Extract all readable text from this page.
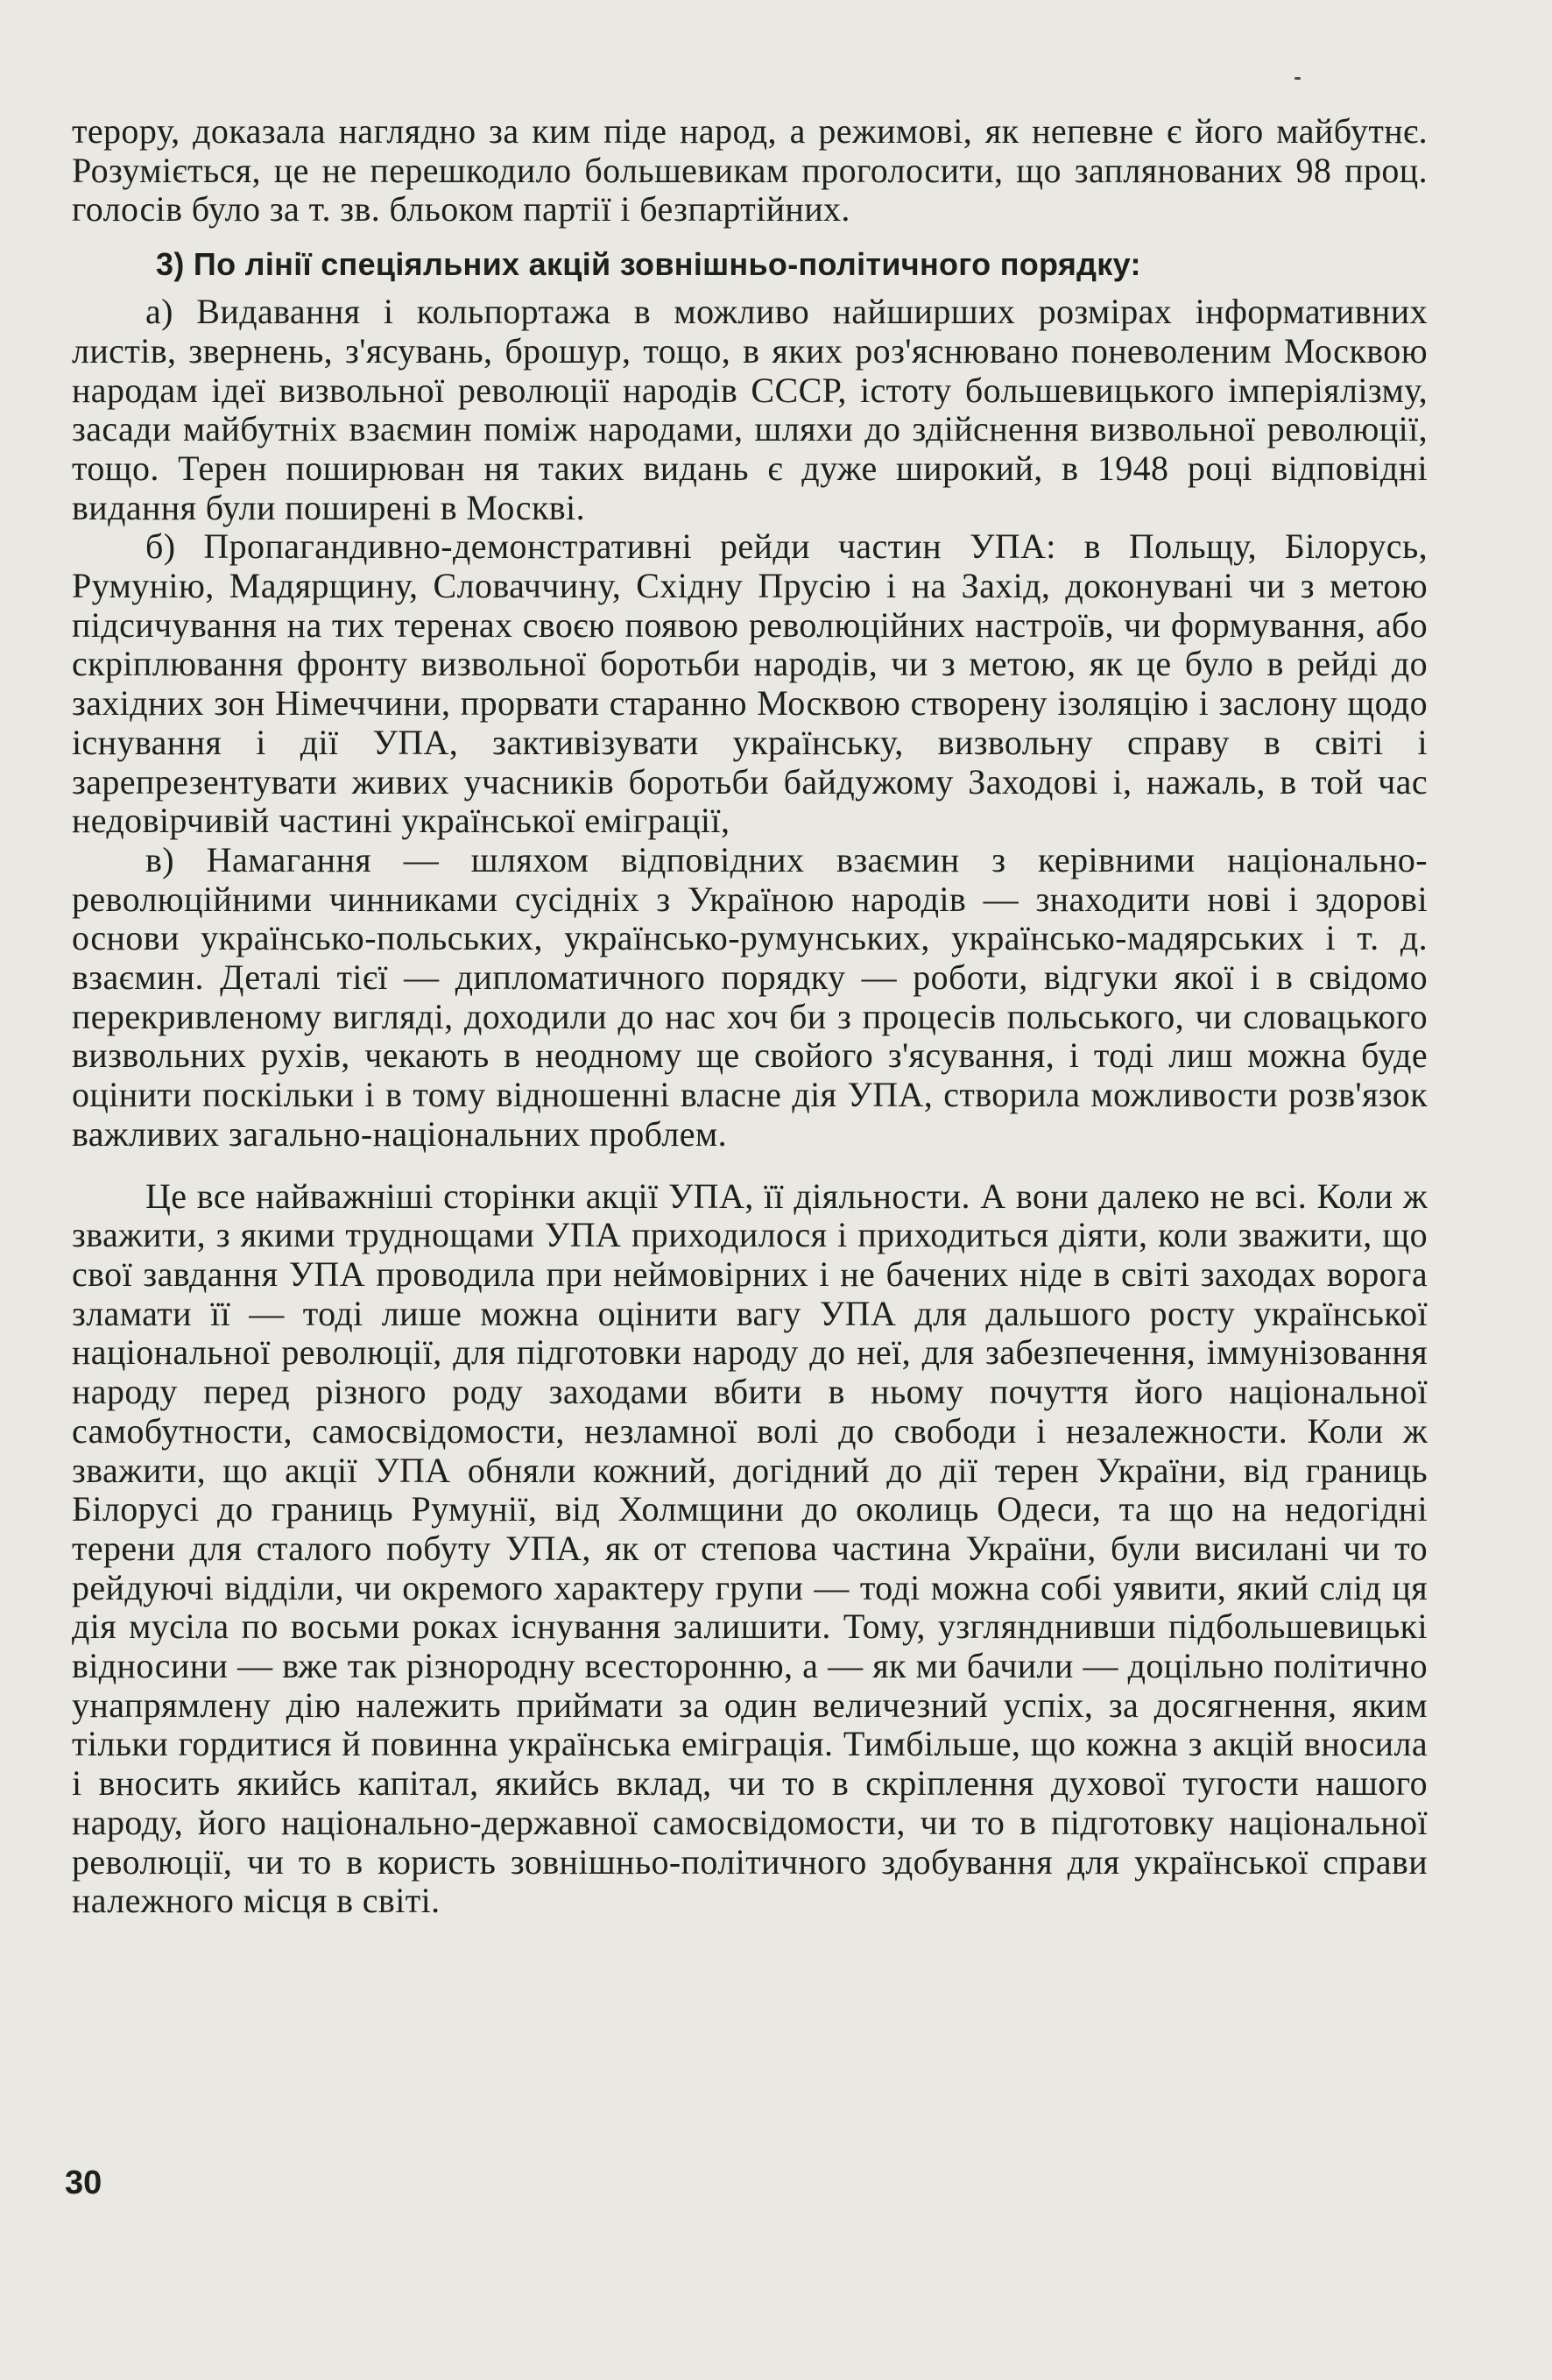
терору, доказала наглядно за ким піде народ, а режимові, як непевне є його майбутнє. Розуміється, це не перешкодило большевикам проголосити, що заплянованих 98 проц. голосів було за т. зв. бльоком партії і безпартійних.

3) По лінії спеціяльних акцій зовнішньо-політичного порядку:

а) Видавання і кольпортажа в можливо найширших розмірах інформативних листів, звернень, з'ясувань, брошур, тощо, в яких роз'яснювано поневоленим Москвою народам ідеї визвольної революції народів СССР, істоту большевицького імперіялізму, засади майбутніх взаємин поміж народами, шляхи до здійснення визвольної революції, тощо. Терен поширюван ня таких видань є дуже широкий, в 1948 році відповідні видання були поширені в Москві.

б) Пропагандивно-демонстративні рейди частин УПА: в Польщу, Білорусь, Румунію, Мадярщину, Словаччину, Східну Прусію і на Захід, доконувані чи з метою підсичування на тих теренах своєю появою революційних настроїв, чи формування, або скріплювання фронту визвольної боротьби народів, чи з метою, як це було в рейді до західних зон Німеччини, прорвати старанно Москвою створену ізоляцію і заслону щодо існування і дії УПА, зактивізувати українську, визвольну справу в світі і зарепрезентувати живих учасників боротьби байдужому Заходові і, нажаль, в той час недовірчивій частині української еміграції,

в) Намагання — шляхом відповідних взаємин з керівними національно-революційними чинниками сусідніх з Україною народів — знаходити нові і здорові основи українсько-польських, українсько-румунських, українсько-мадярських і т. д. взаємин. Деталі тієї — дипломатичного порядку — роботи, відгуки якої і в свідомо перекривленому вигляді, доходили до нас хоч би з процесів польського, чи словацького визвольних рухів, чекають в неодному ще свойого з'ясування, і тоді лиш можна буде оцінити поскільки і в тому відношенні власне дія УПА, створила можливости розв'язок важливих загально-національних проблем.

Це все найважніші сторінки акції УПА, її діяльности. А вони далеко не всі. Коли ж зважити, з якими труднощами УПА приходилося і приходиться діяти, коли зважити, що свої завдання УПА проводила при неймовірних і не бачених ніде в світі заходах ворога зламати її — тоді лише можна оцінити вагу УПА для дальшого росту української національної революції, для підготовки народу до неї, для забезпечення, іммунізовання народу перед різного роду заходами вбити в ньому почуття його національної самобутности, самосвідомости, незламної волі до свободи і незалежности. Коли ж зважити, що акції УПА обняли кожний, догідний до дії терен України, від границь Білорусі до границь Румунії, від Холмщини до околиць Одеси, та що на недогідні терени для сталого побуту УПА, як от степова частина України, були висилані чи то рейдуючі відділи, чи окремого характеру групи — тоді можна собі уявити, який слід ця дія мусіла по восьми роках існування залишити. Тому, узглянднивши підбольшевицькі відносини — вже так різнородну всесторонню, а — як ми бачили — доцільно політично унапрямлену дію належить приймати за один величезний успіх, за досягнення, яким тільки гордитися й повинна українська еміграція. Тимбільше, що кожна з акцій вносила і вносить якийсь капітал, якийсь вклад, чи то в скріплення духової тугости нашого народу, його національно-державної самосвідомости, чи то в підготовку національної революції, чи то в користь зовнішньо-політичного здобування для української справи належного місця в світі.

30
